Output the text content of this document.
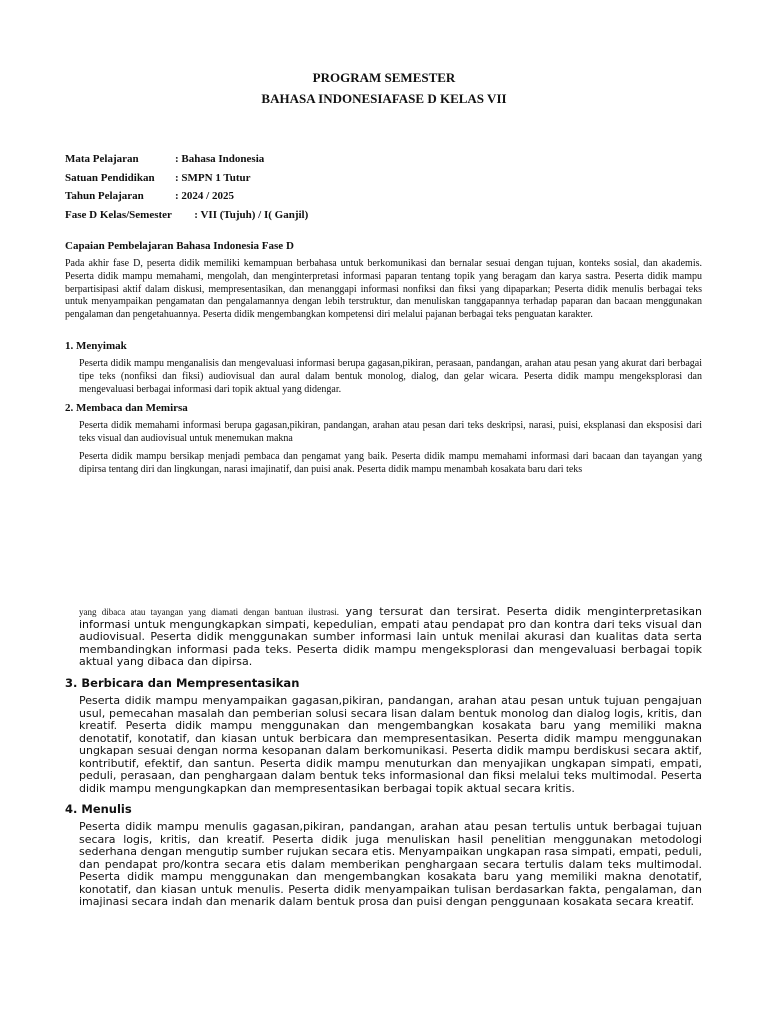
PROGRAM SEMESTER
BAHASA INDONESIAFASE D KELAS VII
Mata Pelajaran	: Bahasa Indonesia
Satuan Pendidikan : SMPN 1 Tutur
Tahun Pelajaran	: 2024 / 2025
Fase D Kelas/Semester       : VII (Tujuh) / I( Ganjil)
Capaian Pembelajaran Bahasa Indonesia Fase D
Pada akhir fase D, peserta didik memiliki kemampuan berbahasa untuk berkomunikasi dan bernalar sesuai dengan tujuan, konteks sosial, dan akademis. Peserta didik mampu memahami, mengolah, dan menginterpretasi informasi paparan tentang topik yang beragam dan karya sastra. Peserta didik mampu berpartisipasi aktif dalam diskusi, mempresentasikan, dan menanggapi informasi nonfiksi dan fiksi yang dipaparkan; Peserta didik menulis berbagai teks untuk menyampaikan pengamatan dan pengalamannya dengan lebih terstruktur, dan menuliskan tanggapannya terhadap paparan dan bacaan menggunakan pengalaman dan pengetahuannya. Peserta didik mengembangkan kompetensi diri melalui pajanan berbagai teks penguatan karakter.
1. Menyimak
Peserta didik mampu menganalisis dan mengevaluasi informasi berupa gagasan,pikiran, perasaan, pandangan, arahan atau pesan yang akurat dari berbagai tipe teks (nonfiksi dan fiksi) audiovisual dan aural dalam bentuk monolog, dialog, dan gelar wicara. Peserta didik mampu mengeksplorasi dan mengevaluasi berbagai informasi dari topik aktual yang didengar.
2. Membaca dan Memirsa
Peserta didik memahami informasi berupa gagasan,pikiran, pandangan, arahan atau pesan dari teks deskripsi, narasi, puisi, eksplanasi dan eksposisi dari teks visual dan audiovisual untuk menemukan makna
Peserta didik mampu bersikap menjadi pembaca dan pengamat yang baik. Peserta didik mampu memahami informasi dari bacaan dan tayangan yang dipirsa tentang diri dan lingkungan, narasi imajinatif, dan puisi anak. Peserta didik mampu menambah kosakata baru dari teks
yang dibaca atau tayangan yang diamati dengan bantuan ilustrasi. yang tersurat dan tersirat. Peserta didik menginterpretasikan informasi untuk mengungkapkan simpati, kepedulian, empati atau pendapat pro dan kontra dari teks visual dan audiovisual. Peserta didik menggunakan sumber informasi lain untuk menilai akurasi dan kualitas data serta membandingkan informasi pada teks. Peserta didik mampu mengeksplorasi dan mengevaluasi berbagai topik aktual yang dibaca dan dipirsa.
3. Berbicara dan Mempresentasikan
Peserta didik mampu menyampaikan gagasan,pikiran, pandangan, arahan atau pesan untuk tujuan pengajuan usul, pemecahan masalah dan pemberian solusi secara lisan dalam bentuk monolog dan dialog logis, kritis, dan kreatif. Peserta didik mampu menggunakan dan mengembangkan kosakata baru yang memiliki makna denotatif, konotatif, dan kiasan untuk berbicara dan mempresentasikan. Peserta didik mampu menggunakan ungkapan sesuai dengan norma kesopanan dalam berkomunikasi. Peserta didik mampu berdiskusi secara aktif, kontributif, efektif, dan santun. Peserta didik mampu menuturkan dan menyajikan ungkapan simpati, empati, peduli, perasaan, dan penghargaan dalam bentuk teks informasional dan fiksi melalui teks multimodal. Peserta didik mampu mengungkapkan dan mempresentasikan berbagai topik aktual secara kritis.
4. Menulis
Peserta didik mampu menulis gagasan,pikiran, pandangan, arahan atau pesan tertulis untuk berbagai tujuan secara logis, kritis, dan kreatif. Peserta didik juga menuliskan hasil penelitian menggunakan metodologi sederhana dengan mengutip sumber rujukan secara etis. Menyampaikan ungkapan rasa simpati, empati, peduli, dan pendapat pro/kontra secara etis dalam memberikan penghargaan secara tertulis dalam teks multimodal. Peserta didik mampu menggunakan dan mengembangkan kosakata baru yang memiliki makna denotatif, konotatif, dan kiasan untuk menulis. Peserta didik menyampaikan tulisan berdasarkan fakta, pengalaman, dan imajinasi secara indah dan menarik dalam bentuk prosa dan puisi dengan penggunaan kosakata secara kreatif.
